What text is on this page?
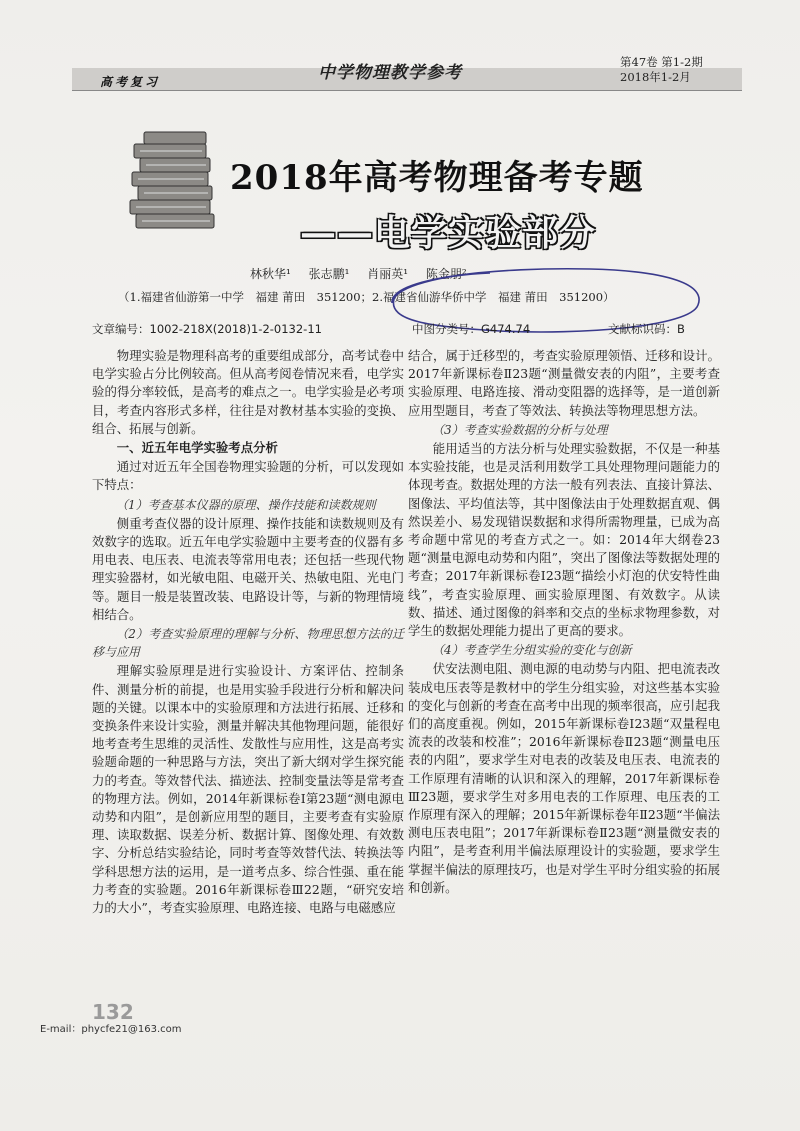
高考复习	中学物理教学参考
第47卷 第1-2期
2018年1-2月
2018年高考物理备考专题
——电学实验部分
林秋华¹ 张志鹏¹ 肖丽英¹ 陈金朋²
（1.福建省仙游第一中学　福建 莆田　351200；2.福建省仙游华侨中学　福建 莆田　351200）
文章编号：1002-218X(2018)1-2-0132-11	中图分类号：G474.74	文献标识码：B

物理实验是物理科高考的重要组成部分，高考试卷中电学实验占分比例较高。但从高考阅卷情况来看，电学实验的得分率较低，是高考的难点之一。电学实验是必考项目，考查内容形式多样，往往是对教材基本实验的变换、组合、拓展与创新。

一、近五年电学实验考点分析

通过对近五年全国卷物理实验题的分析，可以发现如下特点：

（1）考查基本仪器的原理、操作技能和读数规则

侧重考查仪器的设计原理、操作技能和读数规则及有效数字的选取。近五年电学实验题中主要考查的仪器有多用电表、电压表、电流表等常用电表；还包括一些现代物理实验器材，如光敏电阻、电磁开关、热敏电阻、光电门等。题目一般是装置改装、电路设计等，与新的物理情境相结合。

（2）考查实验原理的理解与分析、物理思想方法的迁移与应用

理解实验原理是进行实验设计、方案评估、控制条件、测量分析的前提，也是用实验手段进行分析和解决问题的关键。以课本中的实验原理和方法进行拓展、迁移和变换条件来设计实验，测量并解决其他物理问题，能很好地考查考生思维的灵活性、发散性与应用性，这是高考实验题命题的一种思路与方法，突出了新大纲对学生探究能力的考查。等效替代法、描迹法、控制变量法等是常考查的物理方法。例如，2014年新课标卷Ⅰ第23题“测电源电动势和内阻”，是创新应用型的题目，主要考查有实验原理、读取数据、误差分析、数据计算、图像处理、有效数字、分析总结实验结论，同时考查等效替代法、转换法等学科思想方法的运用，是一道考点多、综合性强、重在能力考查的实验题。2016年新课标卷Ⅲ22题，“研究安培力的大小”，考查实验原理、电路连接、电路与电磁感应

结合，属于迁移型的，考查实验原理领悟、迁移和设计。2017年新课标卷Ⅱ23题“测量微安表的内阻”，主要考查实验原理、电路连接、滑动变阻器的选择等，是一道创新应用型题目，考查了等效法、转换法等物理思想方法。

（3）考查实验数据的分析与处理

能用适当的方法分析与处理实验数据，不仅是一种基本实验技能，也是灵活利用数学工具处理物理问题能力的体现考查。数据处理的方法一般有列表法、直接计算法、图像法、平均值法等，其中图像法由于处理数据直观、偶然误差小、易发现错误数据和求得所需物理量，已成为高考命题中常见的考查方式之一。如：2014年大纲卷23题“测量电源电动势和内阻”，突出了图像法等数据处理的考查；2017年新课标卷Ⅰ23题“描绘小灯泡的伏安特性曲线”，考查实验原理、画实验原理图、有效数字。从读数、描述、通过图像的斜率和交点的坐标求物理参数，对学生的数据处理能力提出了更高的要求。

（4）考查学生分组实验的变化与创新

伏安法测电阻、测电源的电动势与内阻、把电流表改装成电压表等是教材中的学生分组实验，对这些基本实验的变化与创新的考查在高考中出现的频率很高，应引起我们的高度重视。例如，2015年新课标卷Ⅰ23题“双量程电流表的改装和校准”；2016年新课标卷Ⅱ23题“测量电压表的内阻”，要求学生对电表的改装及电压表、电流表的工作原理有清晰的认识和深入的理解，2017年新课标卷Ⅲ23题，要求学生对多用电表的工作原理、电压表的工作原理有深入的理解；2015年新课标卷年Ⅱ23题“半偏法测电压表电阻”；2017年新课标卷Ⅱ23题“测量微安表的内阻”，是考查利用半偏法原理设计的实验题，要求学生掌握半偏法的原理技巧，也是对学生平时分组实验的拓展和创新。

132
E-mail：phycfe21@163.com
